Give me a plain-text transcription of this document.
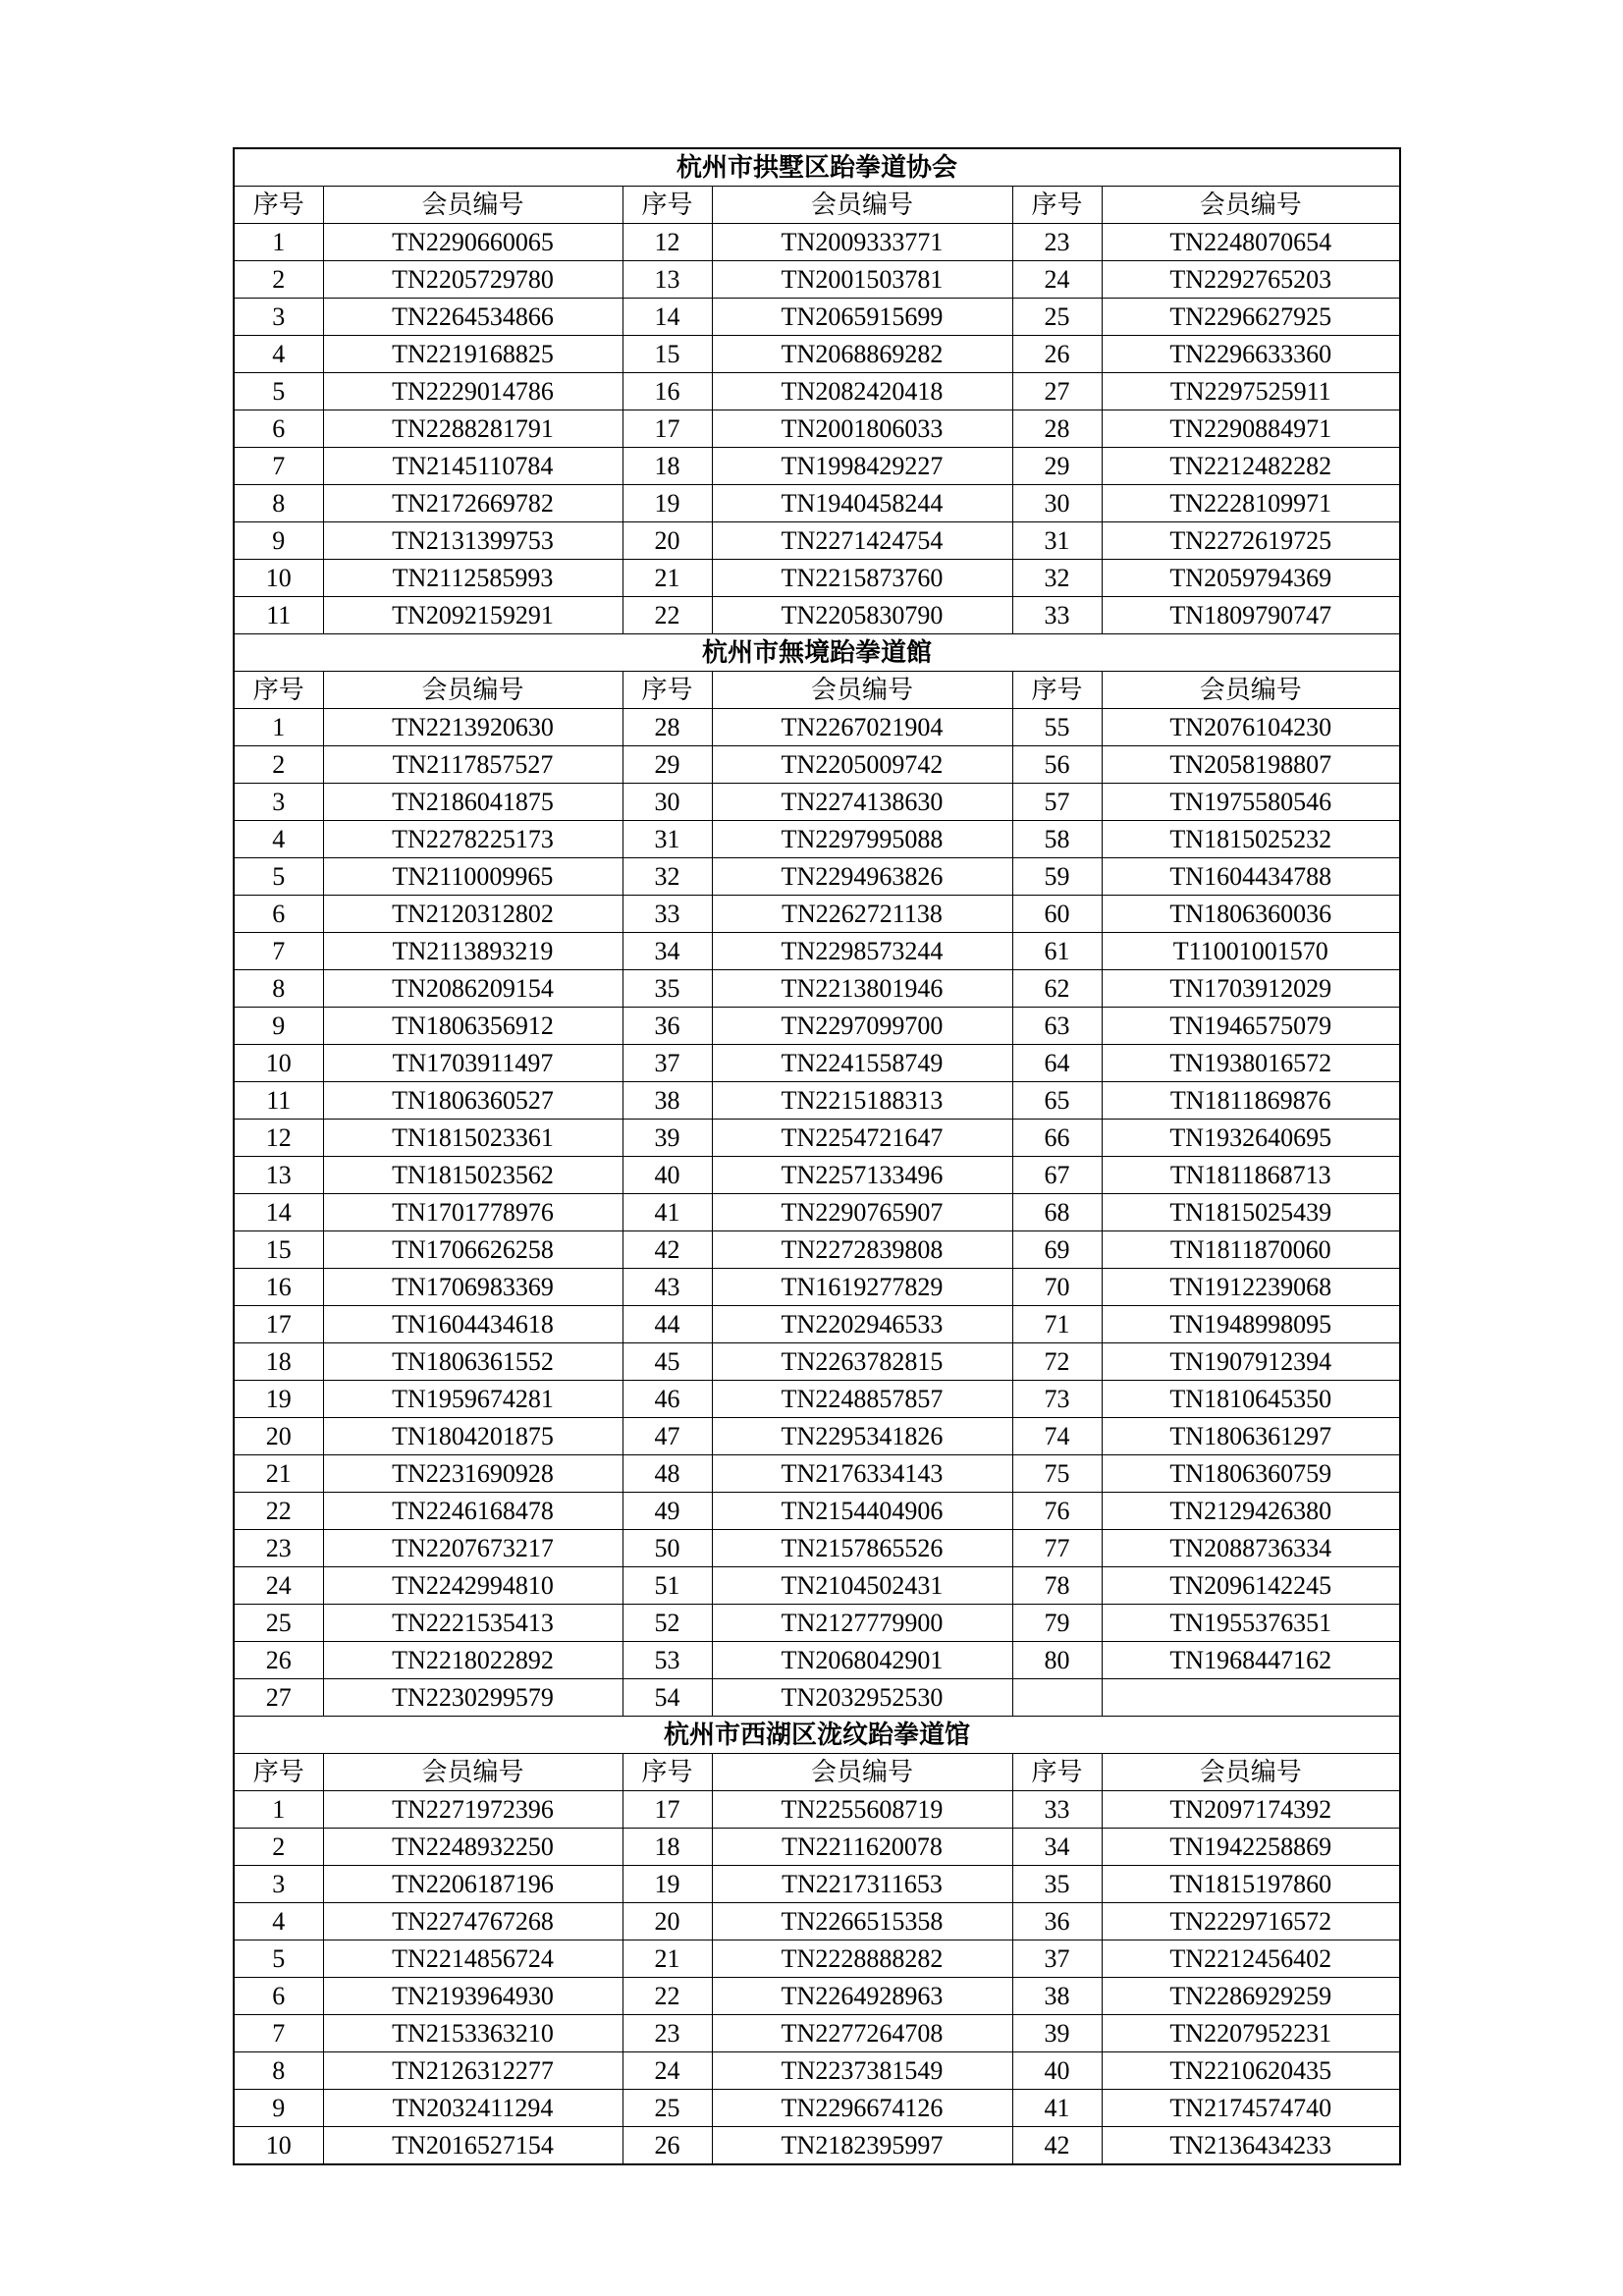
杭州市拱墅区跆拳道协会					
序号	会员编号	序号	会员编号	序号	会员编号
1	TN2290660065	12	TN2009333771	23	TN2248070654
2	TN2205729780	13	TN2001503781	24	TN2292765203
3	TN2264534866	14	TN2065915699	25	TN2296627925
4	TN2219168825	15	TN2068869282	26	TN2296633360
5	TN2229014786	16	TN2082420418	27	TN2297525911
6	TN2288281791	17	TN2001806033	28	TN2290884971
7	TN2145110784	18	TN1998429227	29	TN2212482282
8	TN2172669782	19	TN1940458244	30	TN2228109971
9	TN2131399753	20	TN2271424754	31	TN2272619725
10	TN2112585993	21	TN2215873760	32	TN2059794369
11	TN2092159291	22	TN2205830790	33	TN1809790747
杭州市無境跆拳道館					
序号	会员编号	序号	会员编号	序号	会员编号
1	TN2213920630	28	TN2267021904	55	TN2076104230
2	TN2117857527	29	TN2205009742	56	TN2058198807
3	TN2186041875	30	TN2274138630	57	TN1975580546
4	TN2278225173	31	TN2297995088	58	TN1815025232
5	TN2110009965	32	TN2294963826	59	TN1604434788
6	TN2120312802	33	TN2262721138	60	TN1806360036
7	TN2113893219	34	TN2298573244	61	T11001001570
8	TN2086209154	35	TN2213801946	62	TN1703912029
9	TN1806356912	36	TN2297099700	63	TN1946575079
10	TN1703911497	37	TN2241558749	64	TN1938016572
11	TN1806360527	38	TN2215188313	65	TN1811869876
12	TN1815023361	39	TN2254721647	66	TN1932640695
13	TN1815023562	40	TN2257133496	67	TN1811868713
14	TN1701778976	41	TN2290765907	68	TN1815025439
15	TN1706626258	42	TN2272839808	69	TN1811870060
16	TN1706983369	43	TN1619277829	70	TN1912239068
17	TN1604434618	44	TN2202946533	71	TN1948998095
18	TN1806361552	45	TN2263782815	72	TN1907912394
19	TN1959674281	46	TN2248857857	73	TN1810645350
20	TN1804201875	47	TN2295341826	74	TN1806361297
21	TN2231690928	48	TN2176334143	75	TN1806360759
22	TN2246168478	49	TN2154404906	76	TN2129426380
23	TN2207673217	50	TN2157865526	77	TN2088736334
24	TN2242994810	51	TN2104502431	78	TN2096142245
25	TN2221535413	52	TN2127779900	79	TN1955376351
26	TN2218022892	53	TN2068042901	80	TN1968447162
27	TN2230299579	54	TN2032952530		
杭州市西湖区泷纹跆拳道馆					
序号	会员编号	序号	会员编号	序号	会员编号
1	TN2271972396	17	TN2255608719	33	TN2097174392
2	TN2248932250	18	TN2211620078	34	TN1942258869
3	TN2206187196	19	TN2217311653	35	TN1815197860
4	TN2274767268	20	TN2266515358	36	TN2229716572
5	TN2214856724	21	TN2228888282	37	TN2212456402
6	TN2193964930	22	TN2264928963	38	TN2286929259
7	TN2153363210	23	TN2277264708	39	TN2207952231
8	TN2126312277	24	TN2237381549	40	TN2210620435
9	TN2032411294	25	TN2296674126	41	TN2174574740
10	TN2016527154	26	TN2182395997	42	TN2136434233
